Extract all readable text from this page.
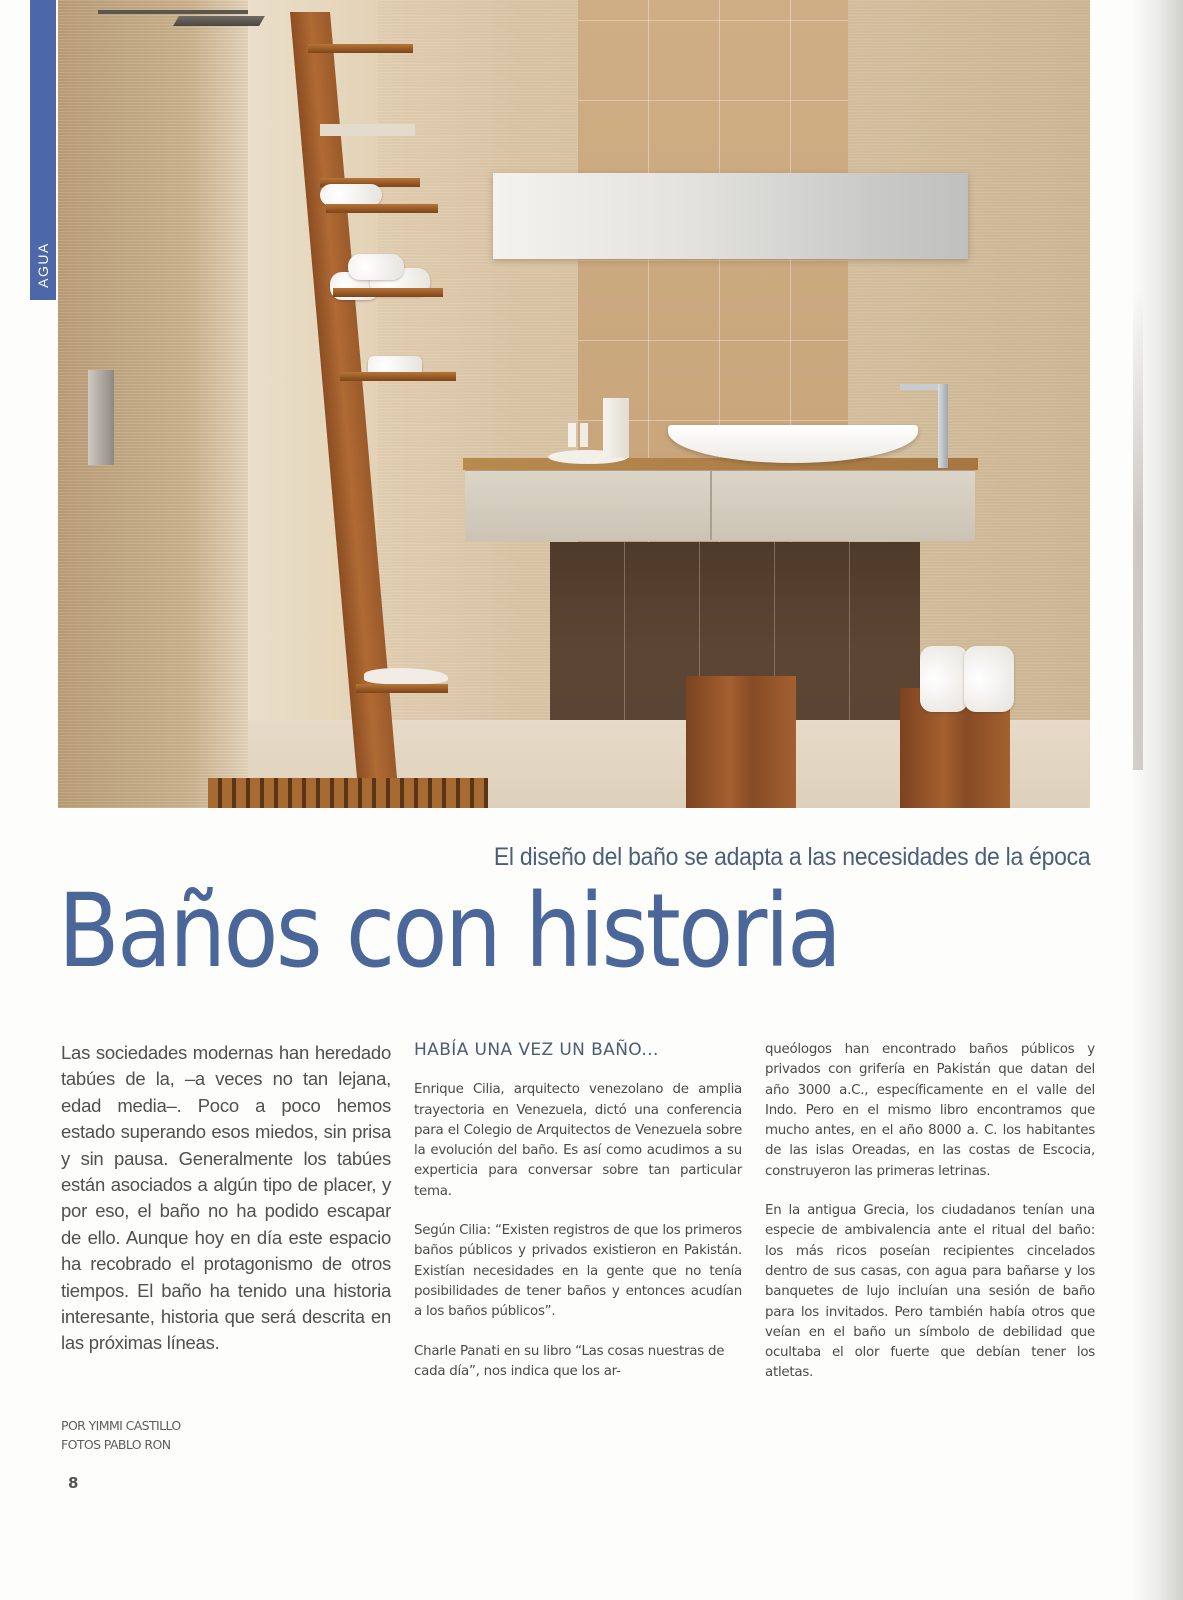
AGUA
El diseño del baño se adapta a las necesidades de la época
Baños con historia

Las sociedades modernas han heredado tabúes de la, –a veces no tan lejana, edad media–. Poco a poco hemos estado superando esos miedos, sin prisa y sin pausa. Generalmente los tabúes están asociados a algún tipo de placer, y por eso, el baño no ha podido escapar de ello. Aunque hoy en día este espacio ha recobrado el protagonismo de otros tiempos. El baño ha tenido una historia interesante, historia que será descrita en las próximas líneas.

POR YIMMI CASTILLO
FOTOS PABLO RON
HABÍA UNA VEZ UN BAÑO...

Enrique Cilia, arquitecto venezolano de amplia trayectoria en Venezuela, dictó una conferencia para el Colegio de Arquitectos de Venezuela sobre la evolución del baño. Es así como acudimos a su experticia para conversar sobre tan particular tema.

Según Cilia: “Existen registros de que los primeros baños públicos y privados existieron en Pakistán. Existían necesidades en la gente que no tenía posibilidades de tener baños y entonces acudían a los baños públicos”.

Charle Panati en su libro “Las cosas nuestras de cada día”, nos indica que los ar-

queólogos han encontrado baños públicos y privados con grifería en Pakistán que datan del año 3000 a.C., específicamente en el valle del Indo. Pero en el mismo libro encontramos que mucho antes, en el año 8000 a. C. los habitantes de las islas Oreadas, en las costas de Escocia, construyeron las primeras letrinas.

En la antigua Grecia, los ciudadanos tenían una especie de ambivalencia ante el ritual del baño: los más ricos poseían recipientes cincelados dentro de sus casas, con agua para bañarse y los banquetes de lujo incluían una sesión de baño para los invitados. Pero también había otros que veían en el baño un símbolo de debilidad que ocultaba el olor fuerte que debían tener los atletas.

8
